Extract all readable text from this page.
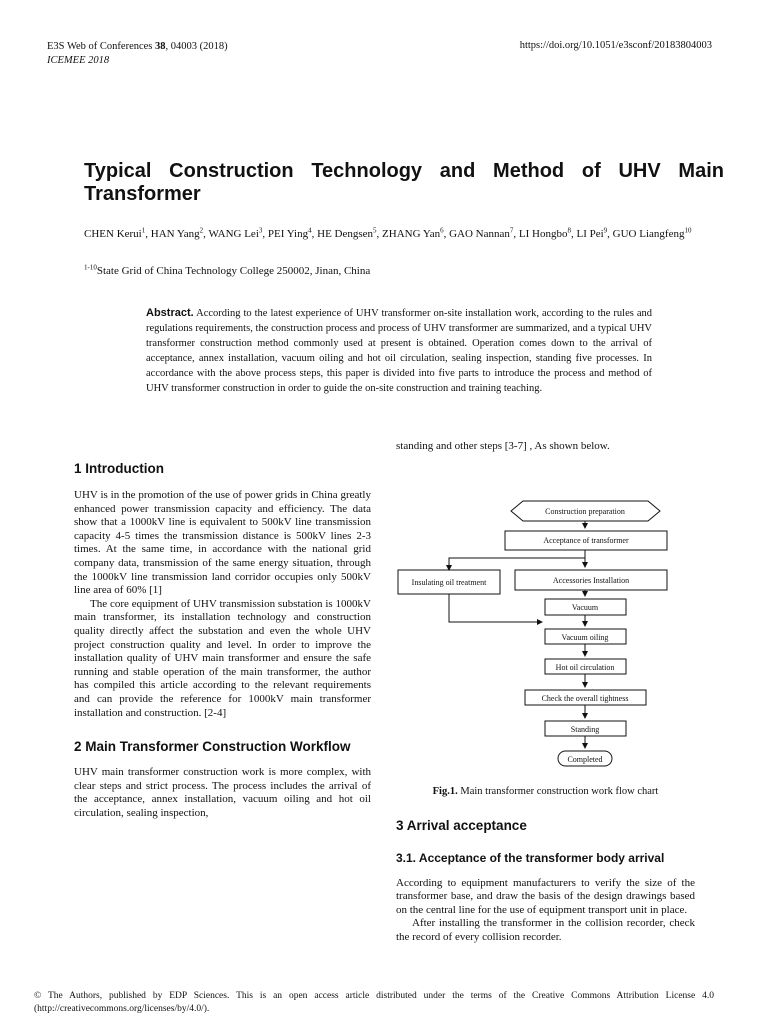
E3S Web of Conferences 38, 04003 (2018)
ICEMEE 2018
https://doi.org/10.1051/e3sconf/20183804003
Typical Construction Technology and Method of UHV Main Transformer
CHEN Kerui$^1$, HAN Yang$^2$, WANG Lei$^3$, PEI Ying$^4$, HE Dengsen$^5$, ZHANG Yan$^6$, GAO Nannan$^7$, LI Hongbo$^8$, LI Pei$^9$, GUO Liangfeng$^{10}$
$^{1-10}$State Grid of China Technology College 250002, Jinan, China
Abstract. According to the latest experience of UHV transformer on-site installation work, according to the rules and regulations requirements, the construction process and process of UHV transformer are summarized, and a typical UHV transformer construction method commonly used at present is obtained. Operation comes down to the arrival of acceptance, annex installation, vacuum oiling and hot oil circulation, sealing inspection, standing five processes. In accordance with the above process steps, this paper is divided into five parts to introduce the process and method of UHV transformer construction in order to guide the on-site construction and training teaching.
1 Introduction

UHV is in the promotion of the use of power grids in China greatly enhanced power transmission capacity and efficiency. The data show that a 1000kV line is equivalent to 500kV line transmission capacity 4-5 times the transmission distance is 500kV lines 2-3 times. At the same time, in accordance with the national grid company data, transmission of the same energy situation, through the 1000kV line transmission land corridor occupies only 500kV line area of 60% [1]

The core equipment of UHV transmission substation is 1000kV main transformer, its installation technology and construction quality directly affect the substation and even the whole UHV project construction quality and level. In order to improve the installation quality of UHV main transformer and ensure the safe running and stable operation of the main transformer, the author has compiled this article according to the relevant requirements and can provide the reference for 1000kV main transformer installation and construction. [2-4]

2 Main Transformer Construction Workflow

UHV main transformer construction work is more complex, with clear steps and strict process. The process includes the arrival of the acceptance, annex installation, vacuum oiling and hot oil circulation, sealing inspection,

standing and other steps [3-7] , As shown below.

Construction preparation
Acceptance of transformer
Insulating oil treatment	Accessories Installation
Vacuum
Vacuum oiling
Hot oil circulation
Check the overall tightness
Standing
Completed
Fig.1. Main transformer construction work flow chart
3 Arrival acceptance
3.1. Acceptance of the transformer body arrival

According to equipment manufacturers to verify the size of the transformer base, and draw the basis of the design drawings based on the central line for the use of equipment transport unit in place.

After installing the transformer in the collision recorder, check the record of every collision recorder.

© The Authors, published by EDP Sciences. This is an open access article distributed under the terms of the Creative Commons Attribution License 4.0 (http://creativecommons.org/licenses/by/4.0/).
